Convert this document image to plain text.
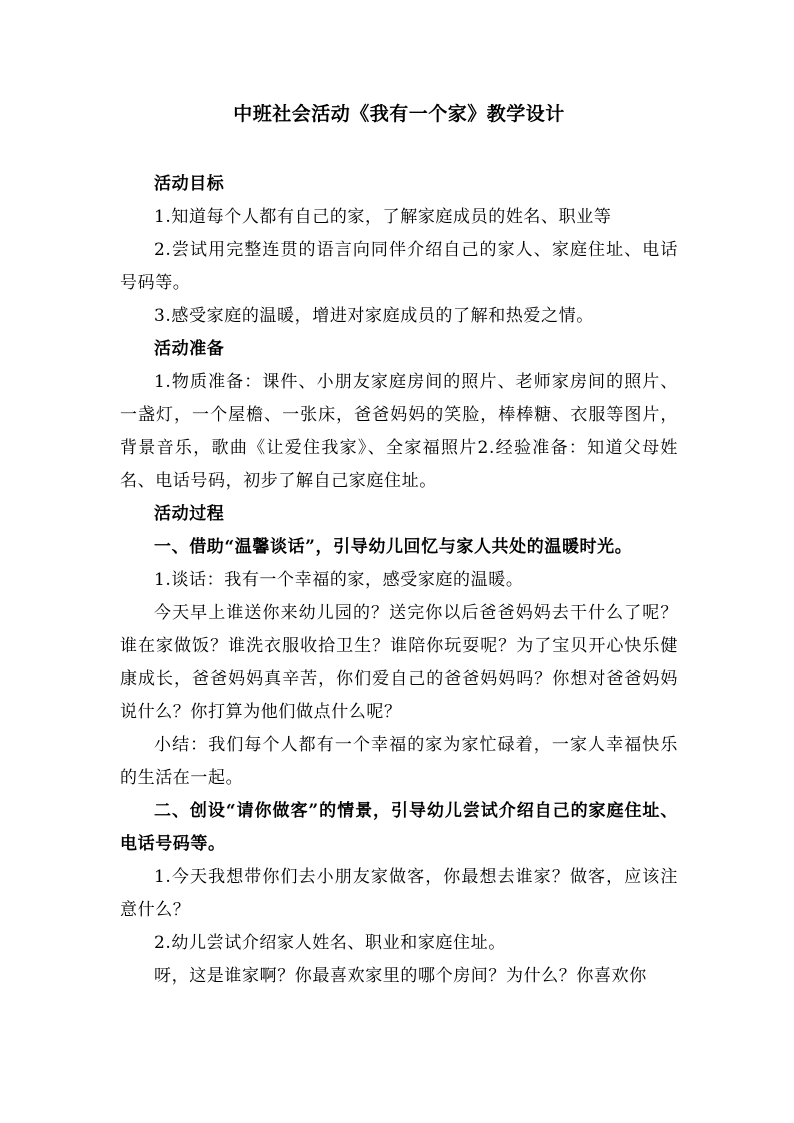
中班社会活动《我有一个家》教学设计

活动目标

1.知道每个人都有自己的家，了解家庭成员的姓名、职业等

2.尝试用完整连贯的语言向同伴介绍自己的家人、家庭住址、电话号码等。

3.感受家庭的温暖，增进对家庭成员的了解和热爱之情。

活动准备

1.物质准备：课件、小朋友家庭房间的照片、老师家房间的照片、一盏灯，一个屋檐、一张床，爸爸妈妈的笑脸，棒棒糖、衣服等图片，背景音乐，歌曲《让爱住我家》、全家福照片2.经验准备：知道父母姓名、电话号码，初步了解自己家庭住址。

活动过程

一、借助“温馨谈话”，引导幼儿回忆与家人共处的温暖时光。

1.谈话：我有一个幸福的家，感受家庭的温暖。

今天早上谁送你来幼儿园的？送完你以后爸爸妈妈去干什么了呢？谁在家做饭？谁洗衣服收拾卫生？谁陪你玩耍呢？为了宝贝开心快乐健康成长，爸爸妈妈真辛苦，你们爱自己的爸爸妈妈吗？你想对爸爸妈妈说什么？你打算为他们做点什么呢？

小结：我们每个人都有一个幸福的家为家忙碌着，一家人幸福快乐的生活在一起。

二、创设“请你做客”的情景，引导幼儿尝试介绍自己的家庭住址、电话号码等。

1.今天我想带你们去小朋友家做客，你最想去谁家？做客，应该注意什么？

2.幼儿尝试介绍家人姓名、职业和家庭住址。

呀，这是谁家啊？你最喜欢家里的哪个房间？为什么？你喜欢你
